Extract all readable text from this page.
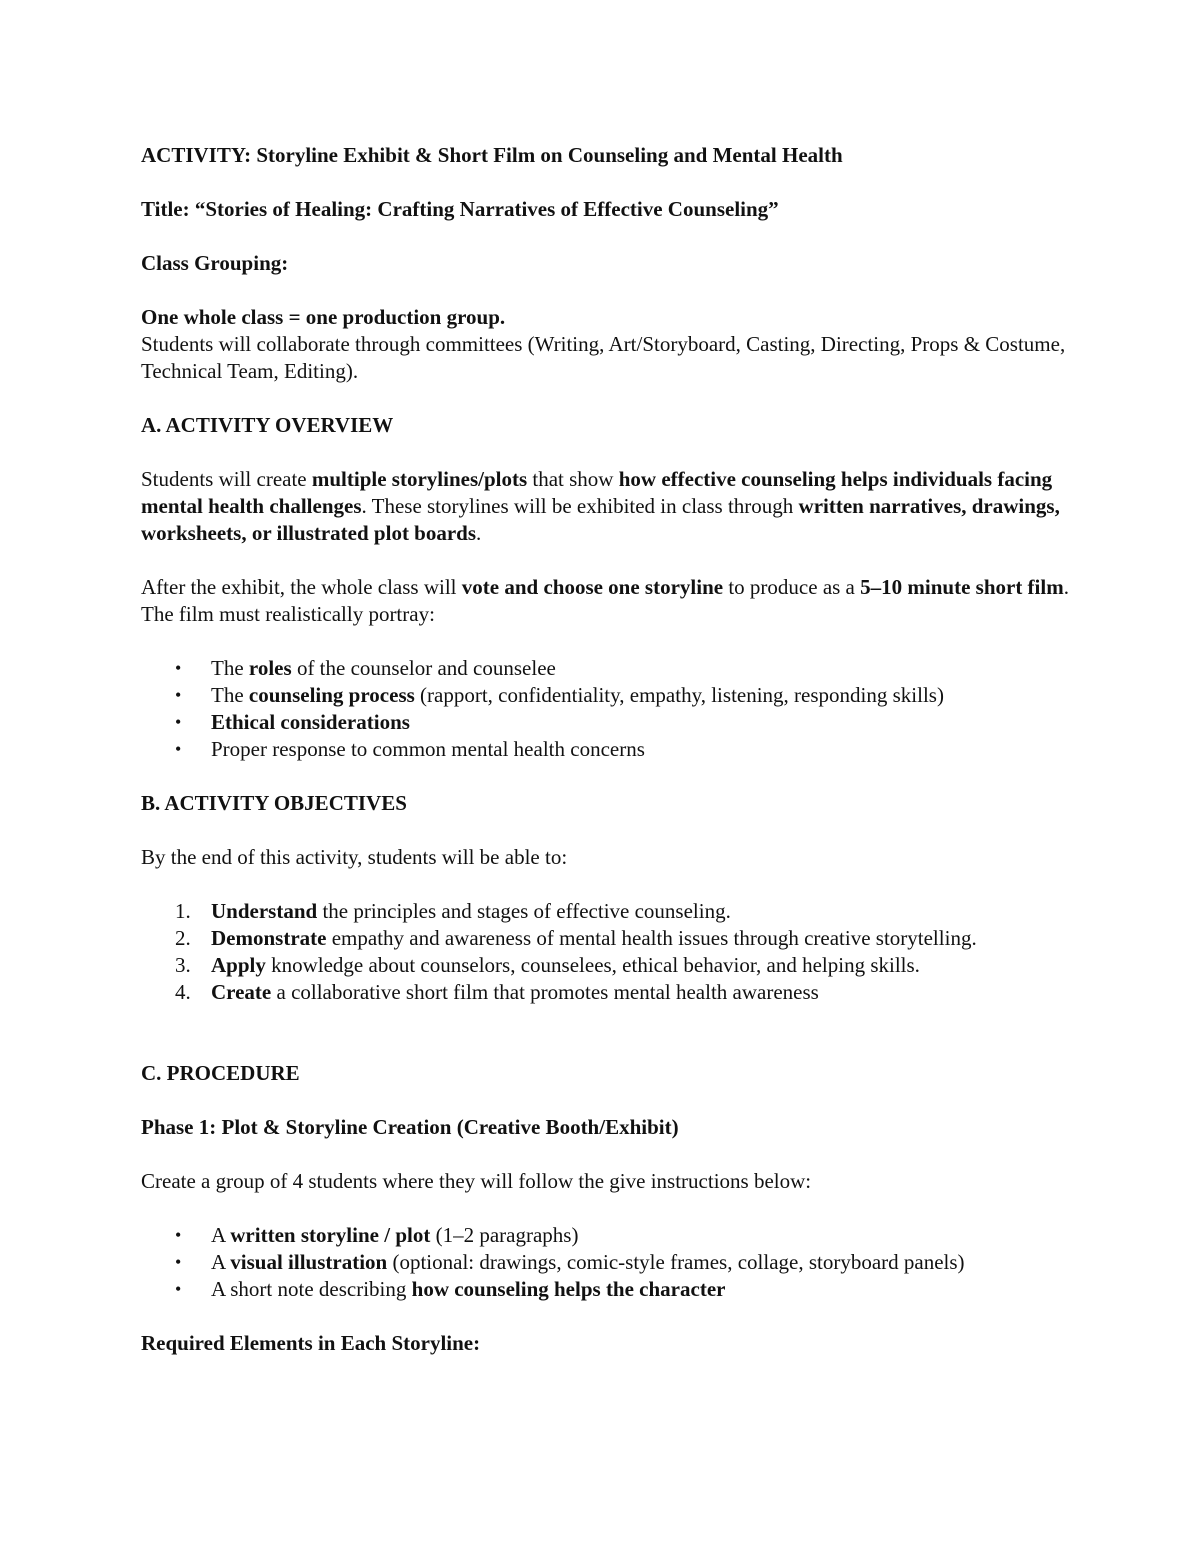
ACTIVITY: Storyline Exhibit & Short Film on Counseling and Mental Health

Title: “Stories of Healing: Crafting Narratives of Effective Counseling”

Class Grouping:

One whole class = one production group.

Students will collaborate through committees (Writing, Art/Storyboard, Casting, Directing, Props & Costume, Technical Team, Editing).

A. ACTIVITY OVERVIEW

Students will create multiple storylines/plots that show how effective counseling helps individuals facing mental health challenges. These storylines will be exhibited in class through written narratives, drawings, worksheets, or illustrated plot boards.

After the exhibit, the whole class will vote and choose one storyline to produce as a 5–10 minute short film. The film must realistically portray:

• The roles of the counselor and counselee
• The counseling process (rapport, confidentiality, empathy, listening, responding skills)
• Ethical considerations
• Proper response to common mental health concerns

B. ACTIVITY OBJECTIVES

By the end of this activity, students will be able to:

1. Understand the principles and stages of effective counseling.
2. Demonstrate empathy and awareness of mental health issues through creative storytelling.
3. Apply knowledge about counselors, counselees, ethical behavior, and helping skills.
4. Create a collaborative short film that promotes mental health awareness

C. PROCEDURE

Phase 1: Plot & Storyline Creation (Creative Booth/Exhibit)

Create a group of 4 students where they will follow the give instructions below:

• A written storyline / plot (1–2 paragraphs)
• A visual illustration (optional: drawings, comic-style frames, collage, storyboard panels)
• A short note describing how counseling helps the character

Required Elements in Each Storyline:
